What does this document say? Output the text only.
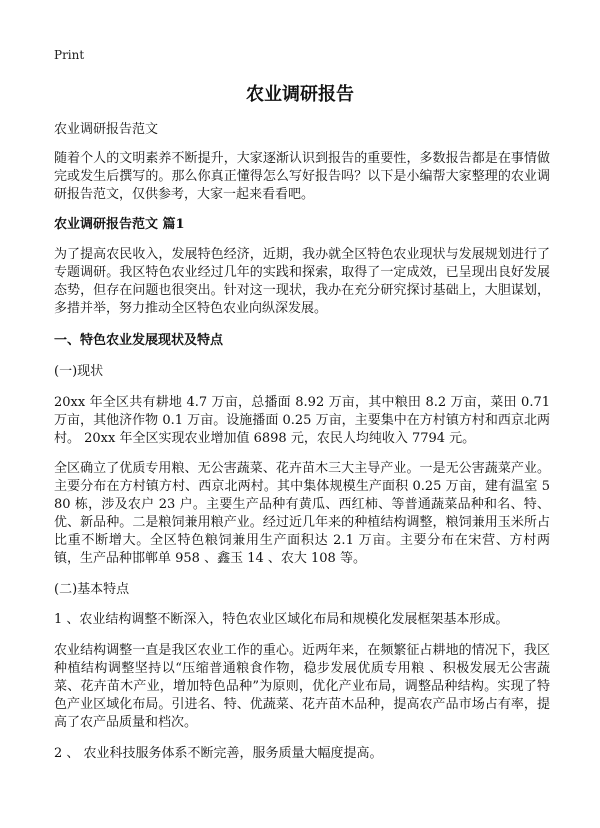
Print
农业调研报告

农业调研报告范文

随着个人的文明素养不断提升，大家逐渐认识到报告的重要性，多数报告都是在事情做完或发生后撰写的。那么你真正懂得怎么写好报告吗？以下是小编帮大家整理的农业调研报告范文，仅供参考，大家一起来看看吧。

农业调研报告范文 篇1

为了提高农民收入，发展特色经济，近期，我办就全区特色农业现状与发展规划进行了专题调研。我区特色农业经过几年的实践和探索，取得了一定成效，已呈现出良好发展态势，但存在问题也很突出。针对这一现状，我办在充分研究探讨基础上，大胆谋划，多措并举，努力推动全区特色农业向纵深发展。

一、特色农业发展现状及特点

(一)现状

20xx 年全区共有耕地 4.7 万亩，总播面 8.92 万亩，其中粮田 8.2 万亩，菜田 0.71 万亩，其他济作物 0.1 万亩。设施播面 0.25 万亩，主要集中在方村镇方村和西京北两村。 20xx 年全区实现农业增加值 6898 元，农民人均纯收入 7794 元。

全区确立了优质专用粮、无公害蔬菜、花卉苗木三大主导产业。一是无公害蔬菜产业。主要分布在方村镇方村、西京北两村。其中集体规模生产面积 0.25 万亩，建有温室 580 栋，涉及农户 23 户。主要生产品种有黄瓜、西红柿、等普通蔬菜品种和名、特、优、新品种。二是粮饲兼用粮产业。经过近几年来的种植结构调整，粮饲兼用玉米所占比重不断增大。全区特色粮饲兼用生产面积达 2.1 万亩。主要分布在宋营、方村两镇，生产品种邯郸单 958 、鑫玉 14 、农大 108 等。

(二)基本特点

1 、农业结构调整不断深入，特色农业区域化布局和规模化发展框架基本形成。

农业结构调整一直是我区农业工作的重心。近两年来，在频繁征占耕地的情况下，我区种植结构调整坚持以“压缩普通粮食作物，稳步发展优质专用粮 、积极发展无公害蔬菜、花卉苗木产业，增加特色品种”为原则，优化产业布局，调整品种结构。实现了特色产业区域化布局。引进名、特、优蔬菜、花卉苗木品种，提高农产品市场占有率，提高了农产品质量和档次。

2 、 农业科技服务体系不断完善，服务质量大幅度提高。
